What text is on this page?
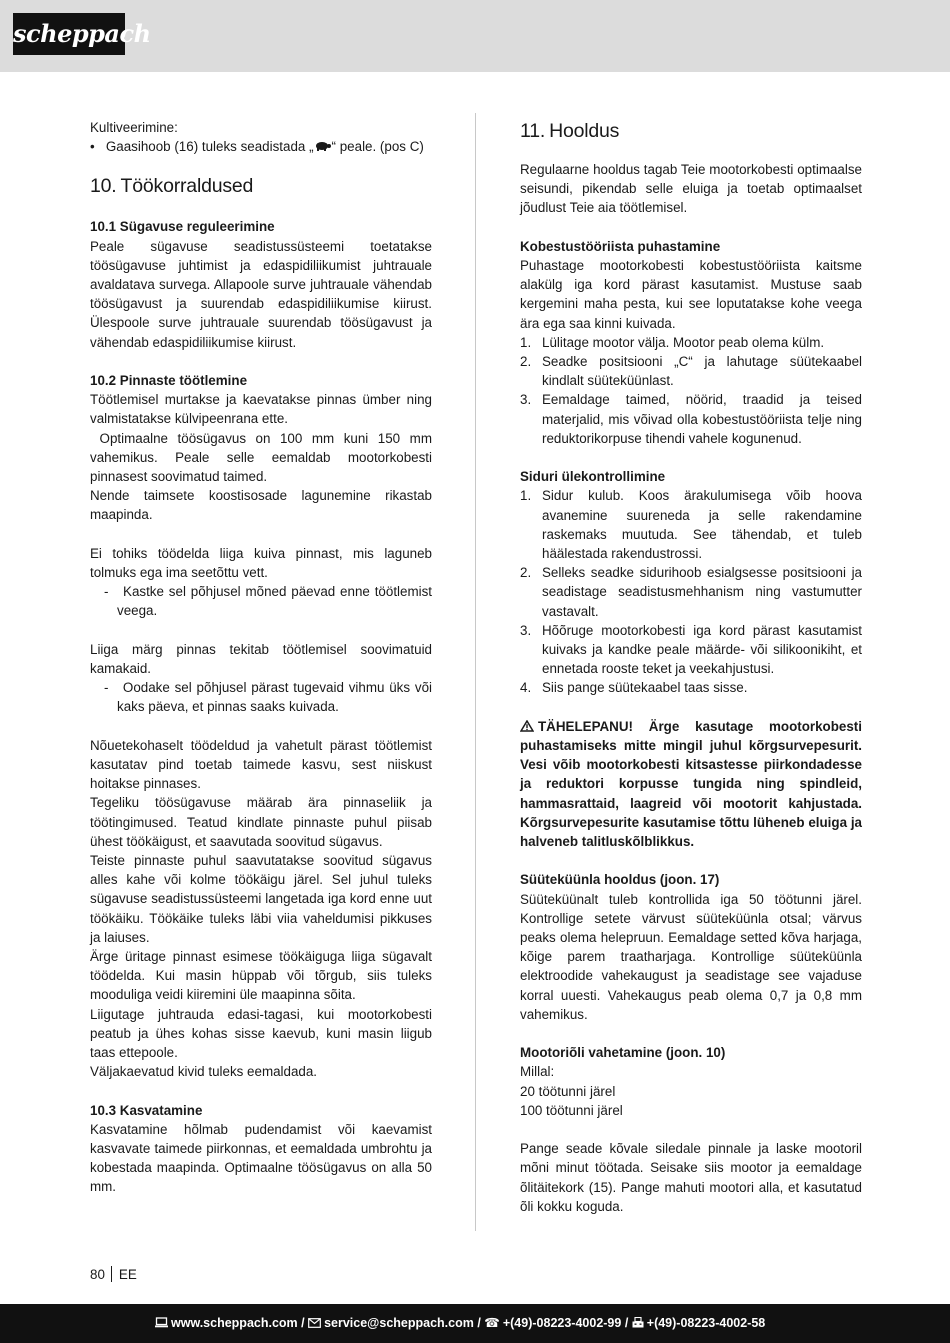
scheppach

Kultiveerimine:

•   Gaasihoob (16) tuleks seadistada „ “ peale. (pos C)

10. Töökorraldused

10.1 Sügavuse reguleerimine

Peale sügavuse seadistussüsteemi toetatakse töösügavuse juhtimist ja edaspidiliikumist juhtrauale avaldatava survega. Allapoole surve juhtrauale vähendab töösügavust ja suurendab edaspidiliikumise kiirust. Ülespoole surve juhtrauale suurendab töösügavust ja vähendab edaspidiliikumise kiirust.

10.2 Pinnaste töötlemine

Töötlemisel murtakse ja kaevatakse pinnas ümber ning valmistatakse külvipeenrana ette.

Optimaalne töösügavus on 100 mm kuni 150 mm vahemikus. Peale selle eemaldab mootorkobesti pinnasest soovimatud taimed.

Nende taimsete koostisosade lagunemine rikastab maapinda.

Ei tohiks töödelda liiga kuiva pinnast, mis laguneb tolmuks ega ima seetõttu vett.

-   Kastke sel põhjusel mõned päevad enne töötlemist veega.

Liiga märg pinnas tekitab töötlemisel soovimatuid kamakaid.

-   Oodake sel põhjusel pärast tugevaid vihmu üks või kaks päeva, et pinnas saaks kuivada.

Nõuetekohaselt töödeldud ja vahetult pärast töötlemist kasutatav pind toetab taimede kasvu, sest niiskust hoitakse pinnases.

Tegeliku töösügavuse määrab ära pinnaseliik ja töötingimused. Teatud kindlate pinnaste puhul piisab ühest töökäigust, et saavutada soovitud sügavus.

Teiste pinnaste puhul saavutatakse soovitud sügavus alles kahe või kolme töökäigu järel. Sel juhul tuleks sügavuse seadistussüsteemi langetada iga kord enne uut töökäiku. Töökäike tuleks läbi viia vaheldumisi pikkuses ja laiuses.

Ärge üritage pinnast esimese töökäiguga liiga sügavalt töödelda. Kui masin hüppab või tõrgub, siis tuleks mooduliga veidi kiiremini üle maapinna sõita.

Liigutage juhtrauda edasi-tagasi, kui mootorkobesti peatub ja ühes kohas sisse kaevub, kuni masin liigub taas ettepoole.

Väljakaevatud kivid tuleks eemaldada.

10.3 Kasvatamine

Kasvatamine hõlmab pudendamist või kaevamist kasvavate taimede piirkonnas, et eemaldada umbrohtu ja kobestada maapinda. Optimaalne töösügavus on alla 50 mm.

11. Hooldus

Regulaarne hooldus tagab Teie mootorkobesti optimaalse seisundi, pikendab selle eluiga ja toetab optimaalset jõudlust Teie aia töötlemisel.

Kobestustööriista puhastamine

Puhastage mootorkobesti kobestustööriista kaitsme alakülg iga kord pärast kasutamist. Mustuse saab kergemini maha pesta, kui see loputatakse kohe veega ära ega saa kinni kuivada.

1. Lülitage mootor välja. Mootor peab olema külm.
2. Seadke positsiooni „C“ ja lahutage süütekaabel kindlalt süüteküünlast.
3. Eemaldage taimed, nöörid, traadid ja teised materjalid, mis võivad olla kobestustööriista telje ning reduktorikorpuse tihendi vahele kogunenud.

Siduri ülekontrollimine

1. Sidur kulub. Koos ärakulumisega võib hoova avanemine suureneda ja selle rakendamine raskemaks muutuda. See tähendab, et tuleb häälestada rakendustrossi.
2. Selleks seadke sidurihoob esialgsesse positsiooni ja seadistage seadistusmehhanism ning vastumutter vastavalt.
3. Hõõruge mootorkobesti iga kord pärast kasutamist kuivaks ja kandke peale määrde- või silikoonikiht, et ennetada rooste teket ja veekahjustusi.
4. Siis pange süütekaabel taas sisse.

TÄHELEPANU! Ärge kasutage mootorkobesti puhastamiseks mitte mingil juhul kõrgsurvepesurit. Vesi võib mootorkobesti kitsastesse piirkondadesse ja reduktori korpusse tungida ning spindleid, hammasrattaid, laagreid või mootorit kahjustada. Kõrgsurvepesurite kasutamise tõttu lüheneb eluiga ja halveneb talitluskõlblikkus.

Süüteküünla hooldus (joon. 17)

Süüteküünalt tuleb kontrollida iga 50 töötunni järel. Kontrollige setete värvust süüteküünla otsal; värvus peaks olema helepruun. Eemaldage setted kõva harjaga, kõige parem traatharjaga. Kontrollige süüteküünla elektroodide vahekaugust ja seadistage see vajaduse korral uuesti. Vahekaugus peab olema 0,7 ja 0,8 mm vahemikus.

Mootoriõli vahetamine (joon. 10)

Millal:

20 töötunni järel

100 töötunni järel

Pange seade kõvale siledale pinnale ja laske mootoril mõni minut töötada. Seisake siis mootor ja eemaldage õlitäitekork (15). Pange mahuti mootori alla, et kasutatud õli kokku koguda.

80 EE
www.scheppach.com / service@scheppach.com / ☎ +(49)-08223-4002-99 / +(49)-08223-4002-58
